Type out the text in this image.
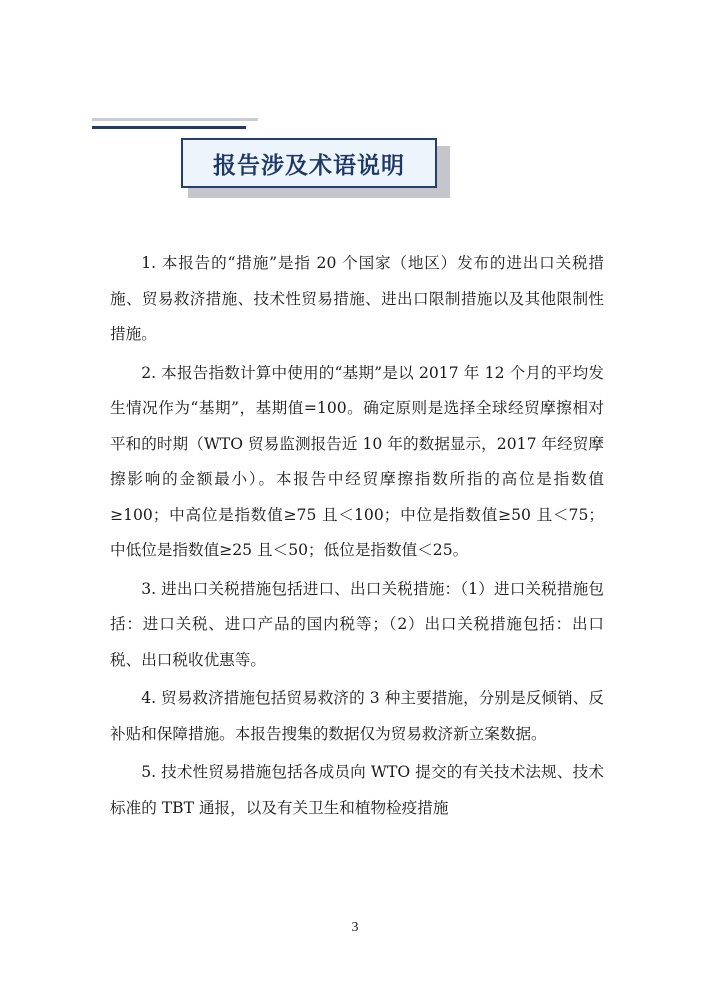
报告涉及术语说明

1. 本报告的“措施”是指 20 个国家（地区）发布的进出口关税措施、贸易救济措施、技术性贸易措施、进出口限制措施以及其他限制性措施。

2. 本报告指数计算中使用的“基期”是以 2017 年 12 个月的平均发生情况作为“基期”，基期值=100。确定原则是选择全球经贸摩擦相对平和的时期（WTO 贸易监测报告近 10 年的数据显示，2017 年经贸摩擦影响的金额最小）。本报告中经贸摩擦指数所指的高位是指数值≥100；中高位是指数值≥75 且＜100；中位是指数值≥50 且＜75；中低位是指数值≥25 且＜50；低位是指数值＜25。

3. 进出口关税措施包括进口、出口关税措施：（1）进口关税措施包括：进口关税、进口产品的国内税等；（2）出口关税措施包括：出口税、出口税收优惠等。

4. 贸易救济措施包括贸易救济的 3 种主要措施，分别是反倾销、反补贴和保障措施。本报告搜集的数据仅为贸易救济新立案数据。

5. 技术性贸易措施包括各成员向 WTO 提交的有关技术法规、技术标准的 TBT 通报，以及有关卫生和植物检疫措施

3
